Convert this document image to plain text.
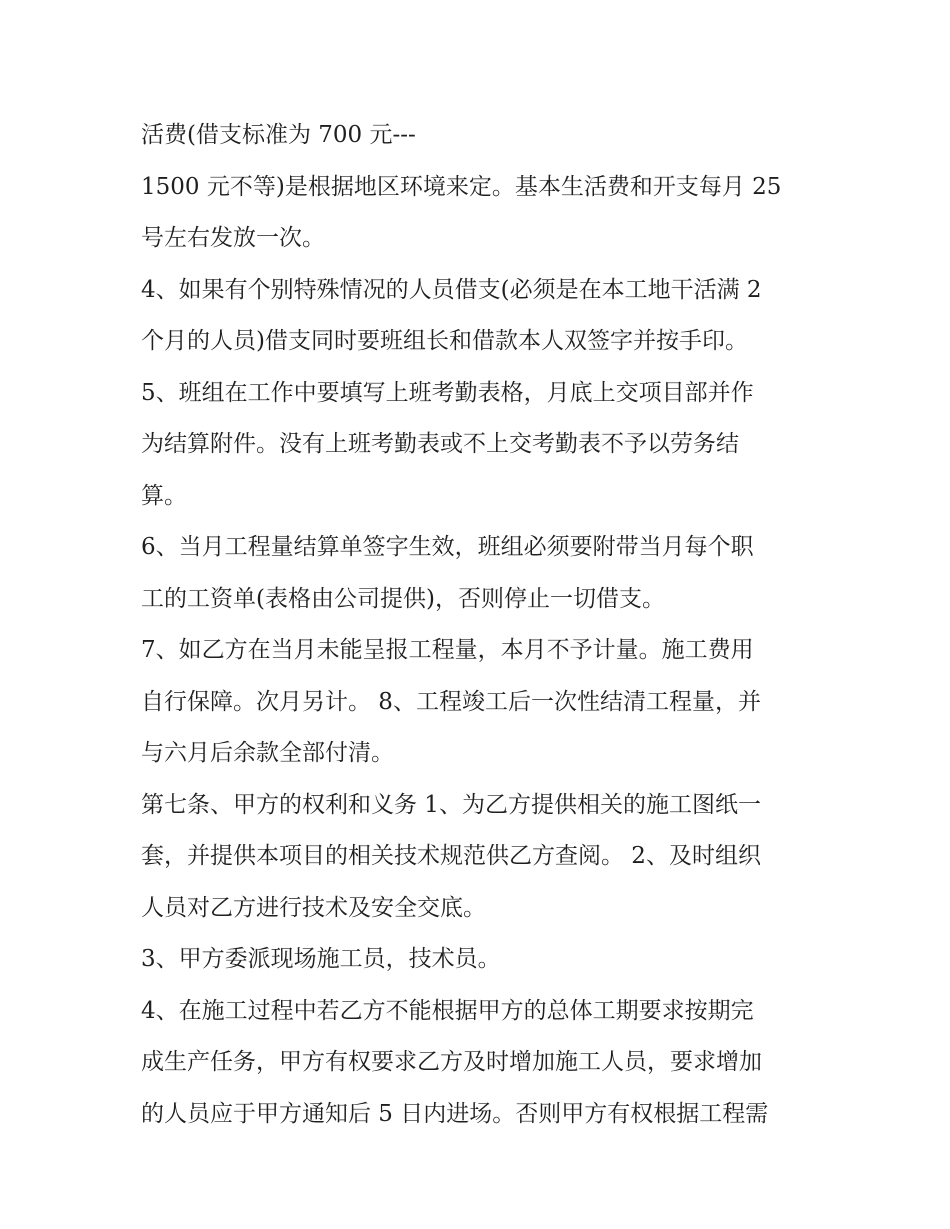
活费(借支标准为 700 元---
1500 元不等)是根据地区环境来定。基本生活费和开支每月 25
号左右发放一次。
4、如果有个别特殊情况的人员借支(必须是在本工地干活满 2
个月的人员)借支同时要班组长和借款本人双签字并按手印。
5、班组在工作中要填写上班考勤表格，月底上交项目部并作
为结算附件。没有上班考勤表或不上交考勤表不予以劳务结
算。
6、当月工程量结算单签字生效，班组必须要附带当月每个职
工的工资单(表格由公司提供)，否则停止一切借支。
7、如乙方在当月未能呈报工程量，本月不予计量。施工费用
自行保障。次月另计。 8、工程竣工后一次性结清工程量，并
与六月后余款全部付清。
第七条、甲方的权利和义务 1、为乙方提供相关的施工图纸一
套，并提供本项目的相关技术规范供乙方查阅。 2、及时组织
人员对乙方进行技术及安全交底。
3、甲方委派现场施工员，技术员。
4、在施工过程中若乙方不能根据甲方的总体工期要求按期完
成生产任务，甲方有权要求乙方及时增加施工人员，要求增加
的人员应于甲方通知后 5 日内进场。否则甲方有权根据工程需
